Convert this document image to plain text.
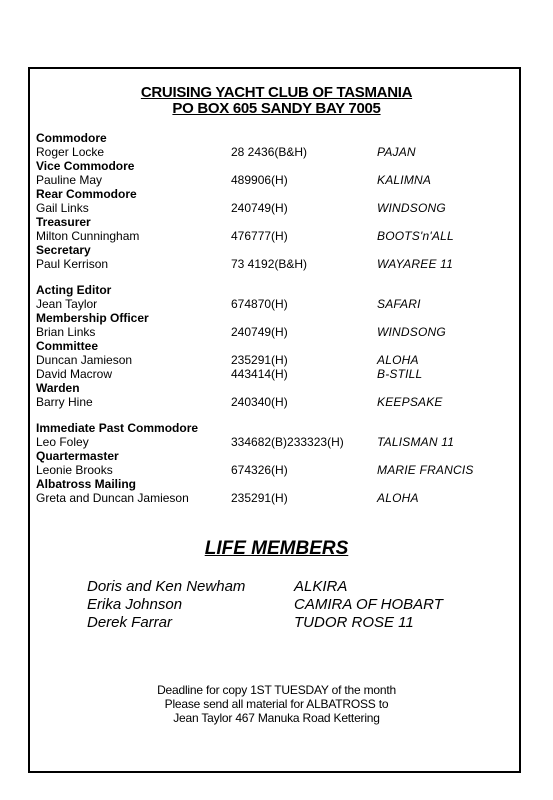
CRUISING YACHT CLUB OF TASMANIA
PO BOX 605 SANDY BAY 7005
Commodore
Roger Locke	28 2436(B&H)	PAJAN
Vice Commodore
Pauline May	489906(H)	KALIMNA
Rear Commodore
Gail Links	240749(H)	WINDSONG
Treasurer
Milton Cunningham	476777(H)	BOOTS'n'ALL
Secretary
Paul Kerrison	73 4192(B&H)	WAYAREE 11
Acting Editor
Jean Taylor	674870(H)	SAFARI
Membership Officer
Brian Links	240749(H)	WINDSONG
Committee
Duncan Jamieson	235291(H)	ALOHA
David Macrow	443414(H)	B-STILL
Warden
Barry Hine	240340(H)	KEEPSAKE
Immediate Past Commodore
Leo Foley	334682(B)233323(H)	TALISMAN 11
Quartermaster
Leonie Brooks	674326(H)	MARIE FRANCIS
Albatross Mailing
Greta and Duncan Jamieson	235291(H)	ALOHA
LIFE MEMBERS
Doris and Ken Newham	ALKIRA
Erika Johnson	CAMIRA OF HOBART
Derek Farrar	TUDOR ROSE 11
Deadline for copy 1ST TUESDAY of the month
Please send all material for ALBATROSS to
Jean Taylor 467 Manuka Road Kettering
